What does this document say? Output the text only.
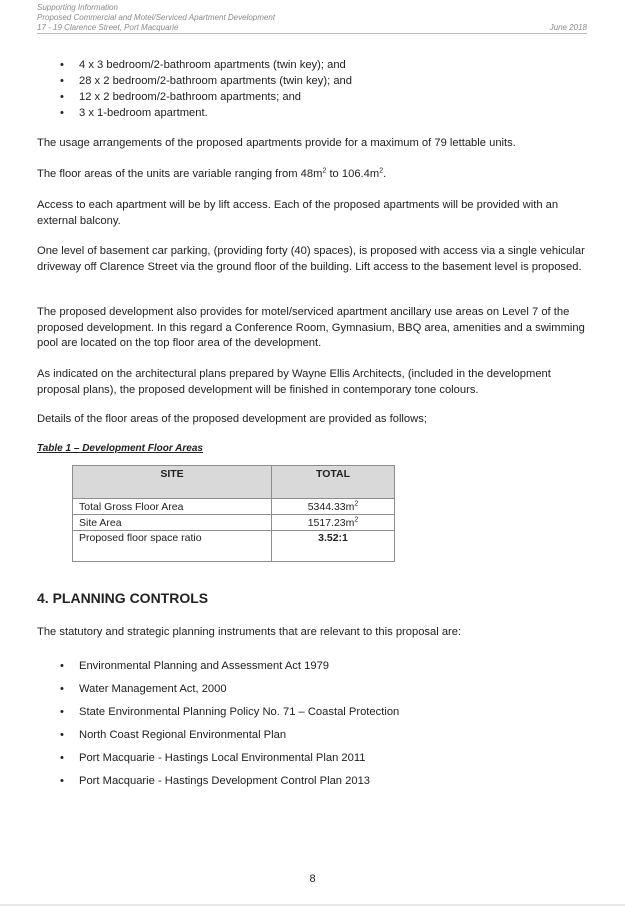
Supporting Information
Proposed Commercial and Motel/Serviced Apartment Development
17 - 19 Clarence Street, Port Macquarie	June 2018
• 4 x 3 bedroom/2-bathroom apartments (twin key); and
• 28 x 2 bedroom/2-bathroom apartments (twin key); and
• 12 x 2 bedroom/2-bathroom apartments; and
• 3 x 1-bedroom apartment.

The usage arrangements of the proposed apartments provide for a maximum of 79 lettable units.

The floor areas of the units are variable ranging from $48m^2$ to $106.4m^2$.

Access to each apartment will be by lift access. Each of the proposed apartments will be provided with an external balcony.

One level of basement car parking, (providing forty (40) spaces), is proposed with access via a single vehicular driveway off Clarence Street via the ground floor of the building. Lift access to the basement level is proposed.

The proposed development also provides for motel/serviced apartment ancillary use areas on Level 7 of the proposed development. In this regard a Conference Room, Gymnasium, BBQ area, amenities and a swimming pool are located on the top floor area of the development.

As indicated on the architectural plans prepared by Wayne Ellis Architects, (included in the development proposal plans), the proposed development will be finished in contemporary tone colours.

Details of the floor areas of the proposed development are provided as follows;

Table 1 – Development Floor Areas
SITE	TOTAL
Total Gross Floor Area	$5344.33m^2$
Site Area	$1517.23m^2$
Proposed floor space ratio	3.52:1
4. PLANNING CONTROLS

The statutory and strategic planning instruments that are relevant to this proposal are:

• Environmental Planning and Assessment Act 1979
• Water Management Act, 2000
• State Environmental Planning Policy No. 71 – Coastal Protection
• North Coast Regional Environmental Plan
• Port Macquarie - Hastings Local Environmental Plan 2011
• Port Macquarie - Hastings Development Control Plan 2013
8
